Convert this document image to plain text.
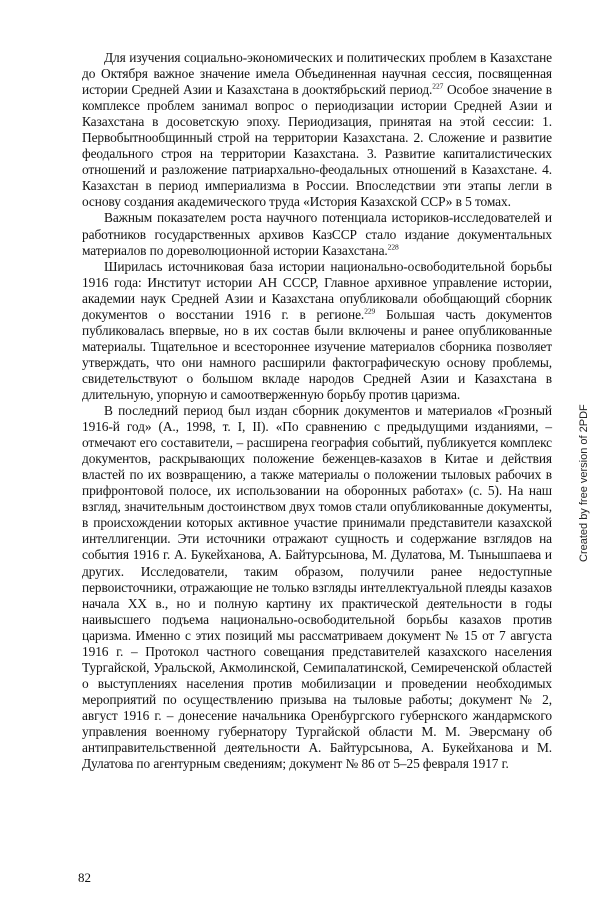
Для изучения социально-экономических и политических проблем в Казахстане до Октября важное значение имела Объединенная научная сессия, посвященная истории Средней Азии и Казахстана в дооктябрьский период.$^{227}$ Особое значение в комплексе проблем занимал вопрос о периодизации истории Средней Азии и Казахстана в досоветскую эпоху. Периодизация, принятая на этой сессии: 1. Первобытнообщинный строй на территории Казахстана. 2. Сложение и развитие феодального строя на территории Казахстана. 3. Развитие капиталистических отношений и разложение патриархально-феодальных отношений в Казахстане. 4. Казахстан в период империализма в России. Впоследствии эти этапы легли в основу создания академического труда «История Казахской ССР» в 5 томах.

Важным показателем роста научного потенциала историков-исследователей и работников государственных архивов КазССР стало издание документальных материалов по дореволюционной истории Казахстана.$^{228}$

Ширилась источниковая база истории национально-освободительной борьбы 1916 года: Институт истории АН СССР, Главное архивное управление истории, академии наук Средней Азии и Казахстана опубликовали обобщающий сборник документов о восстании 1916 г. в регионе.$^{229}$ Большая часть документов публиковалась впервые, но в их состав были включены и ранее опубликованные материалы. Тщательное и всестороннее изучение материалов сборника позволяет утверждать, что они намного расширили фактографическую основу проблемы, свидетельствуют о большом вкладе народов Средней Азии и Казахстана в длительную, упорную и самоотверженную борьбу против царизма.

В последний период был издан сборник документов и материалов «Грозный 1916-й год» (А., 1998, т. I, II). «По сравнению с предыдущими изданиями, – отмечают его составители, – расширена география событий, публикуется комплекс документов, раскрывающих положение беженцев-казахов в Китае и действия властей по их возвращению, а также материалы о положении тыловых рабочих в прифронтовой полосе, их использовании на оборонных работах» (с. 5). На наш взгляд, значительным достоинством двух томов стали опубликованные документы, в происхождении которых активное участие принимали представители казахской интеллигенции. Эти источники отражают сущность и содержание взглядов на события 1916 г. А. Букейханова, А. Байтурсынова, М. Дулатова, М. Тынышпаева и других. Исследователи, таким образом, получили ранее недоступные первоисточники, отражающие не только взгляды интеллектуальной плеяды казахов начала XX в., но и полную картину их практической деятельности в годы наивысшего подъема национально-освободительной борьбы казахов против царизма. Именно с этих позиций мы рассматриваем документ № 15 от 7 августа 1916 г. – Протокол частного совещания представителей казахского населения Тургайской, Уральской, Акмолинской, Семипалатинской, Семиреченской областей о выступлениях населения против мобилизации и проведении необходимых мероприятий по осуществлению призыва на тыловые работы; документ № 2, август 1916 г. – донесение начальника Оренбургского губернского жандармского управления военному губернатору Тургайской области М. М. Эверсману об антиправительственной деятельности А. Байтурсынова, А. Букейханова и М. Дулатова по агентурным сведениям; документ № 86 от 5–25 февраля 1917 г.

82
Created by free version of 2PDF
